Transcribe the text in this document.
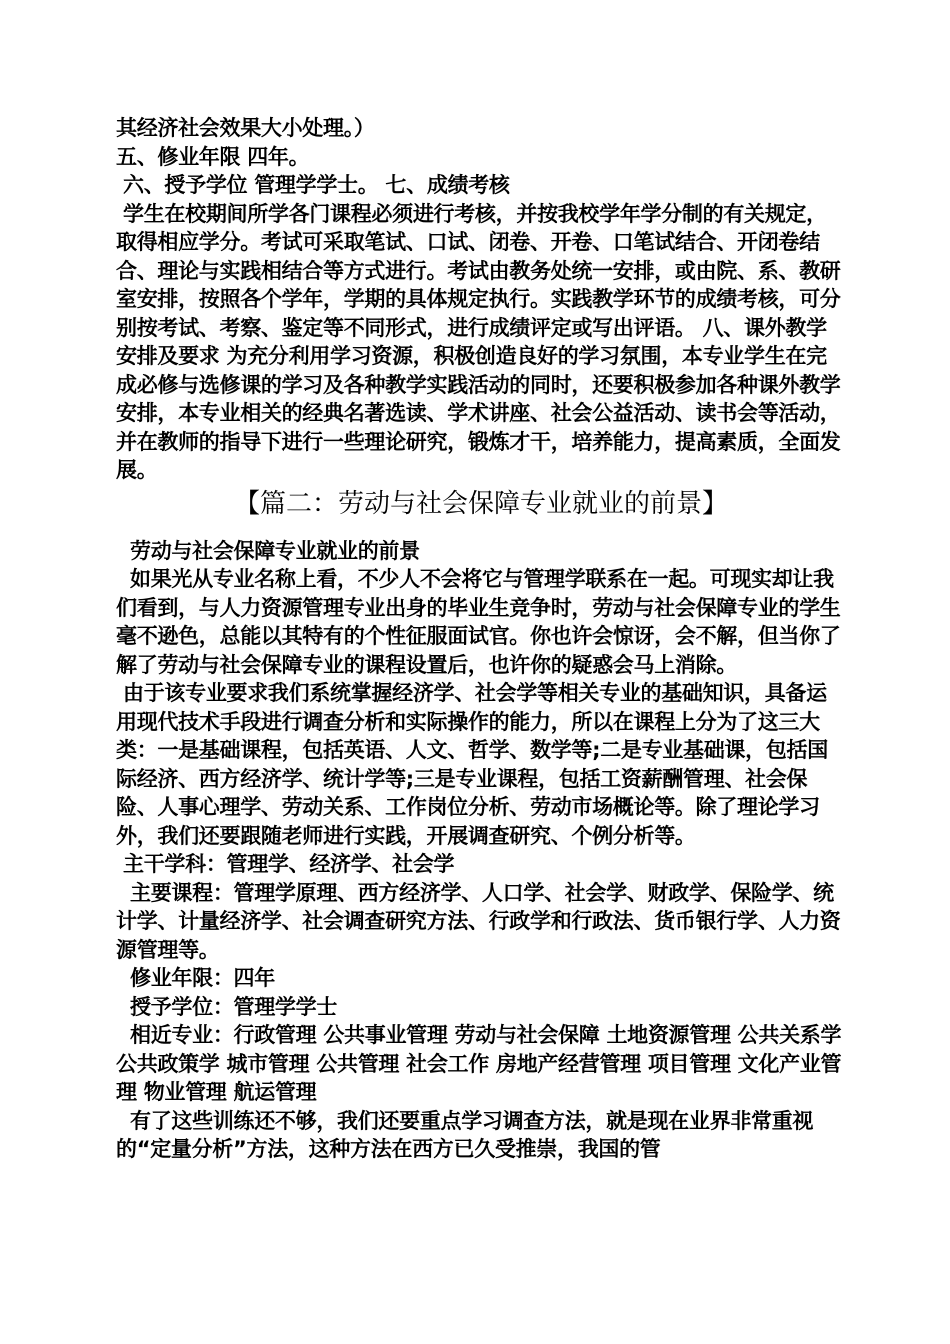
其经济社会效果大小处理。）

五、修业年限 四年。

六、授予学位 管理学学士。 七、成绩考核

学生在校期间所学各门课程必须进行考核，并按我校学年学分制的有关规定，取得相应学分。考试可采取笔试、口试、闭卷、开卷、口笔试结合、开闭卷结合、理论与实践相结合等方式进行。考试由教务处统一安排，或由院、系、教研室安排，按照各个学年，学期的具体规定执行。实践教学环节的成绩考核，可分别按考试、考察、鉴定等不同形式，进行成绩评定或写出评语。 八、课外教学安排及要求 为充分利用学习资源，积极创造良好的学习氛围，本专业学生在完成必修与选修课的学习及各种教学实践活动的同时，还要积极参加各种课外教学安排，本专业相关的经典名著选读、学术讲座、社会公益活动、读书会等活动，并在教师的指导下进行一些理论研究，锻炼才干，培养能力，提高素质，全面发展。

【篇二：劳动与社会保障专业就业的前景】

劳动与社会保障专业就业的前景

如果光从专业名称上看，不少人不会将它与管理学联系在一起。可现实却让我们看到，与人力资源管理专业出身的毕业生竞争时，劳动与社会保障专业的学生毫不逊色，总能以其特有的个性征服面试官。你也许会惊讶，会不解，但当你了解了劳动与社会保障专业的课程设置后，也许你的疑惑会马上消除。

由于该专业要求我们系统掌握经济学、社会学等相关专业的基础知识，具备运用现代技术手段进行调查分析和实际操作的能力，所以在课程上分为了这三大类：一是基础课程，包括英语、人文、哲学、数学等;二是专业基础课，包括国际经济、西方经济学、统计学等;三是专业课程，包括工资薪酬管理、社会保险、人事心理学、劳动关系、工作岗位分析、劳动市场概论等。除了理论学习外，我们还要跟随老师进行实践，开展调查研究、个例分析等。

主干学科：管理学、经济学、社会学

主要课程：管理学原理、西方经济学、人口学、社会学、财政学、保险学、统计学、计量经济学、社会调查研究方法、行政学和行政法、货币银行学、人力资源管理等。

修业年限：四年

授予学位：管理学学士

相近专业：行政管理 公共事业管理 劳动与社会保障 土地资源管理 公共关系学 公共政策学 城市管理 公共管理 社会工作 房地产经营管理 项目管理 文化产业管理 物业管理 航运管理

有了这些训练还不够，我们还要重点学习调查方法，就是现在业界非常重视的“定量分析”方法，这种方法在西方已久受推崇，我国的管
